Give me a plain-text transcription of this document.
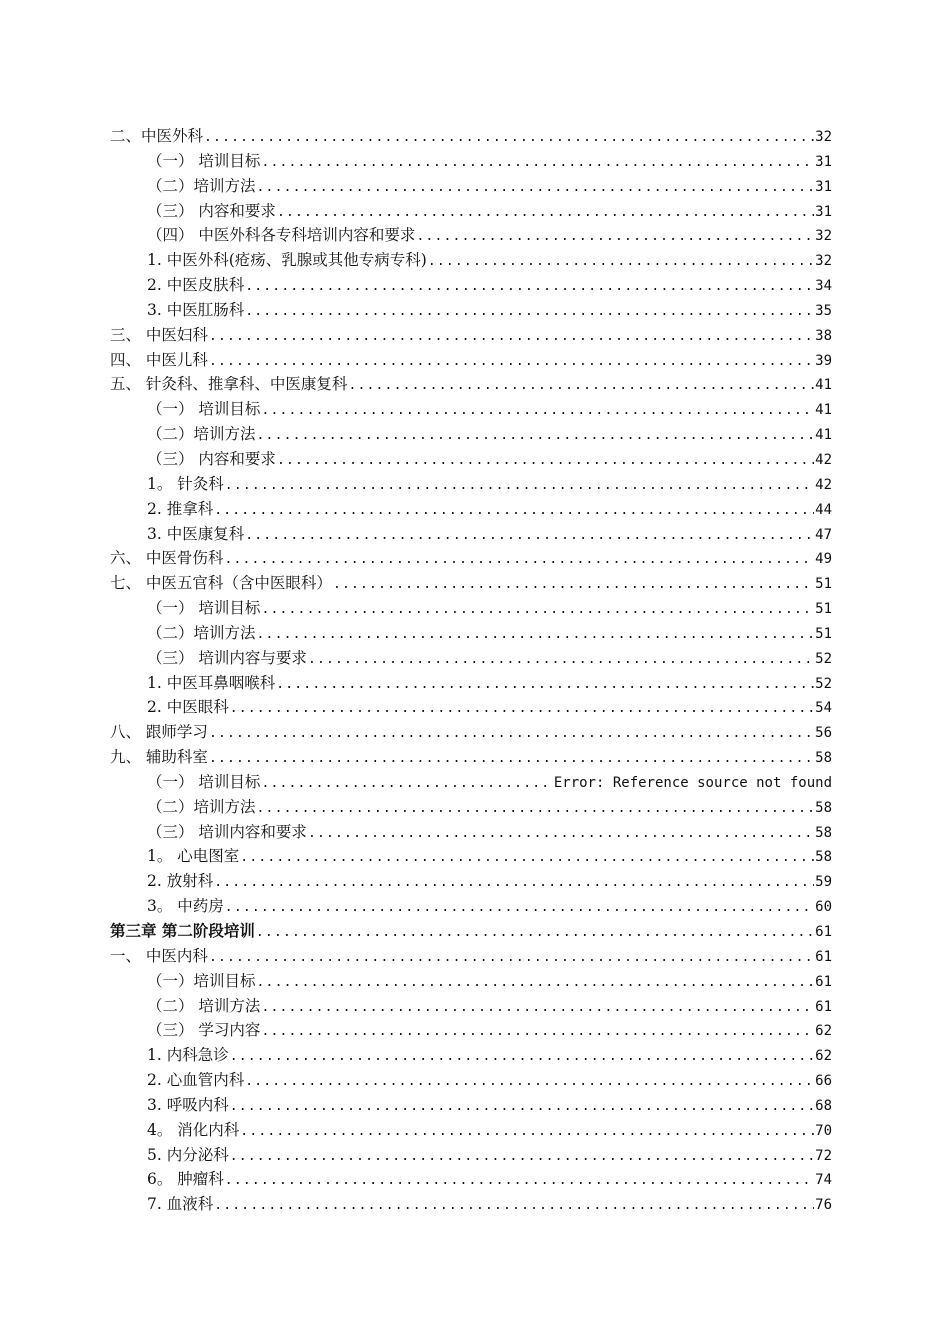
二、中医外科 .....	32
（一） 培训目标 .....	31
（二）培训方法 .....	31
（三） 内容和要求 .....	31
（四） 中医外科各专科培训内容和要求 .....	32
1. 中医外科(疮疡、乳腺或其他专病专科) .....	32
2. 中医皮肤科 .....	34
3. 中医肛肠科 .....	35
三、 中医妇科 .....	38
四、 中医儿科 .....	39
五、 针灸科、推拿科、中医康复科 .....	41
（一） 培训目标 .....	41
（二）培训方法 .....	41
（三） 内容和要求 .....	42
1。 针灸科 .....	42
2. 推拿科 .....	44
3. 中医康复科 .....	47
六、 中医骨伤科 .....	49
七、 中医五官科（含中医眼科） .....	51
（一） 培训目标 .....	51
（二）培训方法 .....	51
（三） 培训内容与要求 .....	52
1. 中医耳鼻咽喉科 .....	52
2. 中医眼科 .....	54
八、 跟师学习 .....	56
九、 辅助科室 .....	58
（一） 培训目标 .....	Error: Reference source not found
（二）培训方法 .....	58
（三） 培训内容和要求 .....	58
1。 心电图室 .....	58
2. 放射科 .....	59
3。 中药房 .....	60
第三章 第二阶段培训 .....	61
一、 中医内科 .....	61
（一）培训目标 .....	61
（二） 培训方法 .....	61
（三） 学习内容 .....	62
1. 内科急诊 .....	62
2. 心血管内科 .....	66
3. 呼吸内科 .....	68
4。 消化内科 .....	70
5. 内分泌科 .....	72
6。 肿瘤科 .....	74
7. 血液科 .....	76
